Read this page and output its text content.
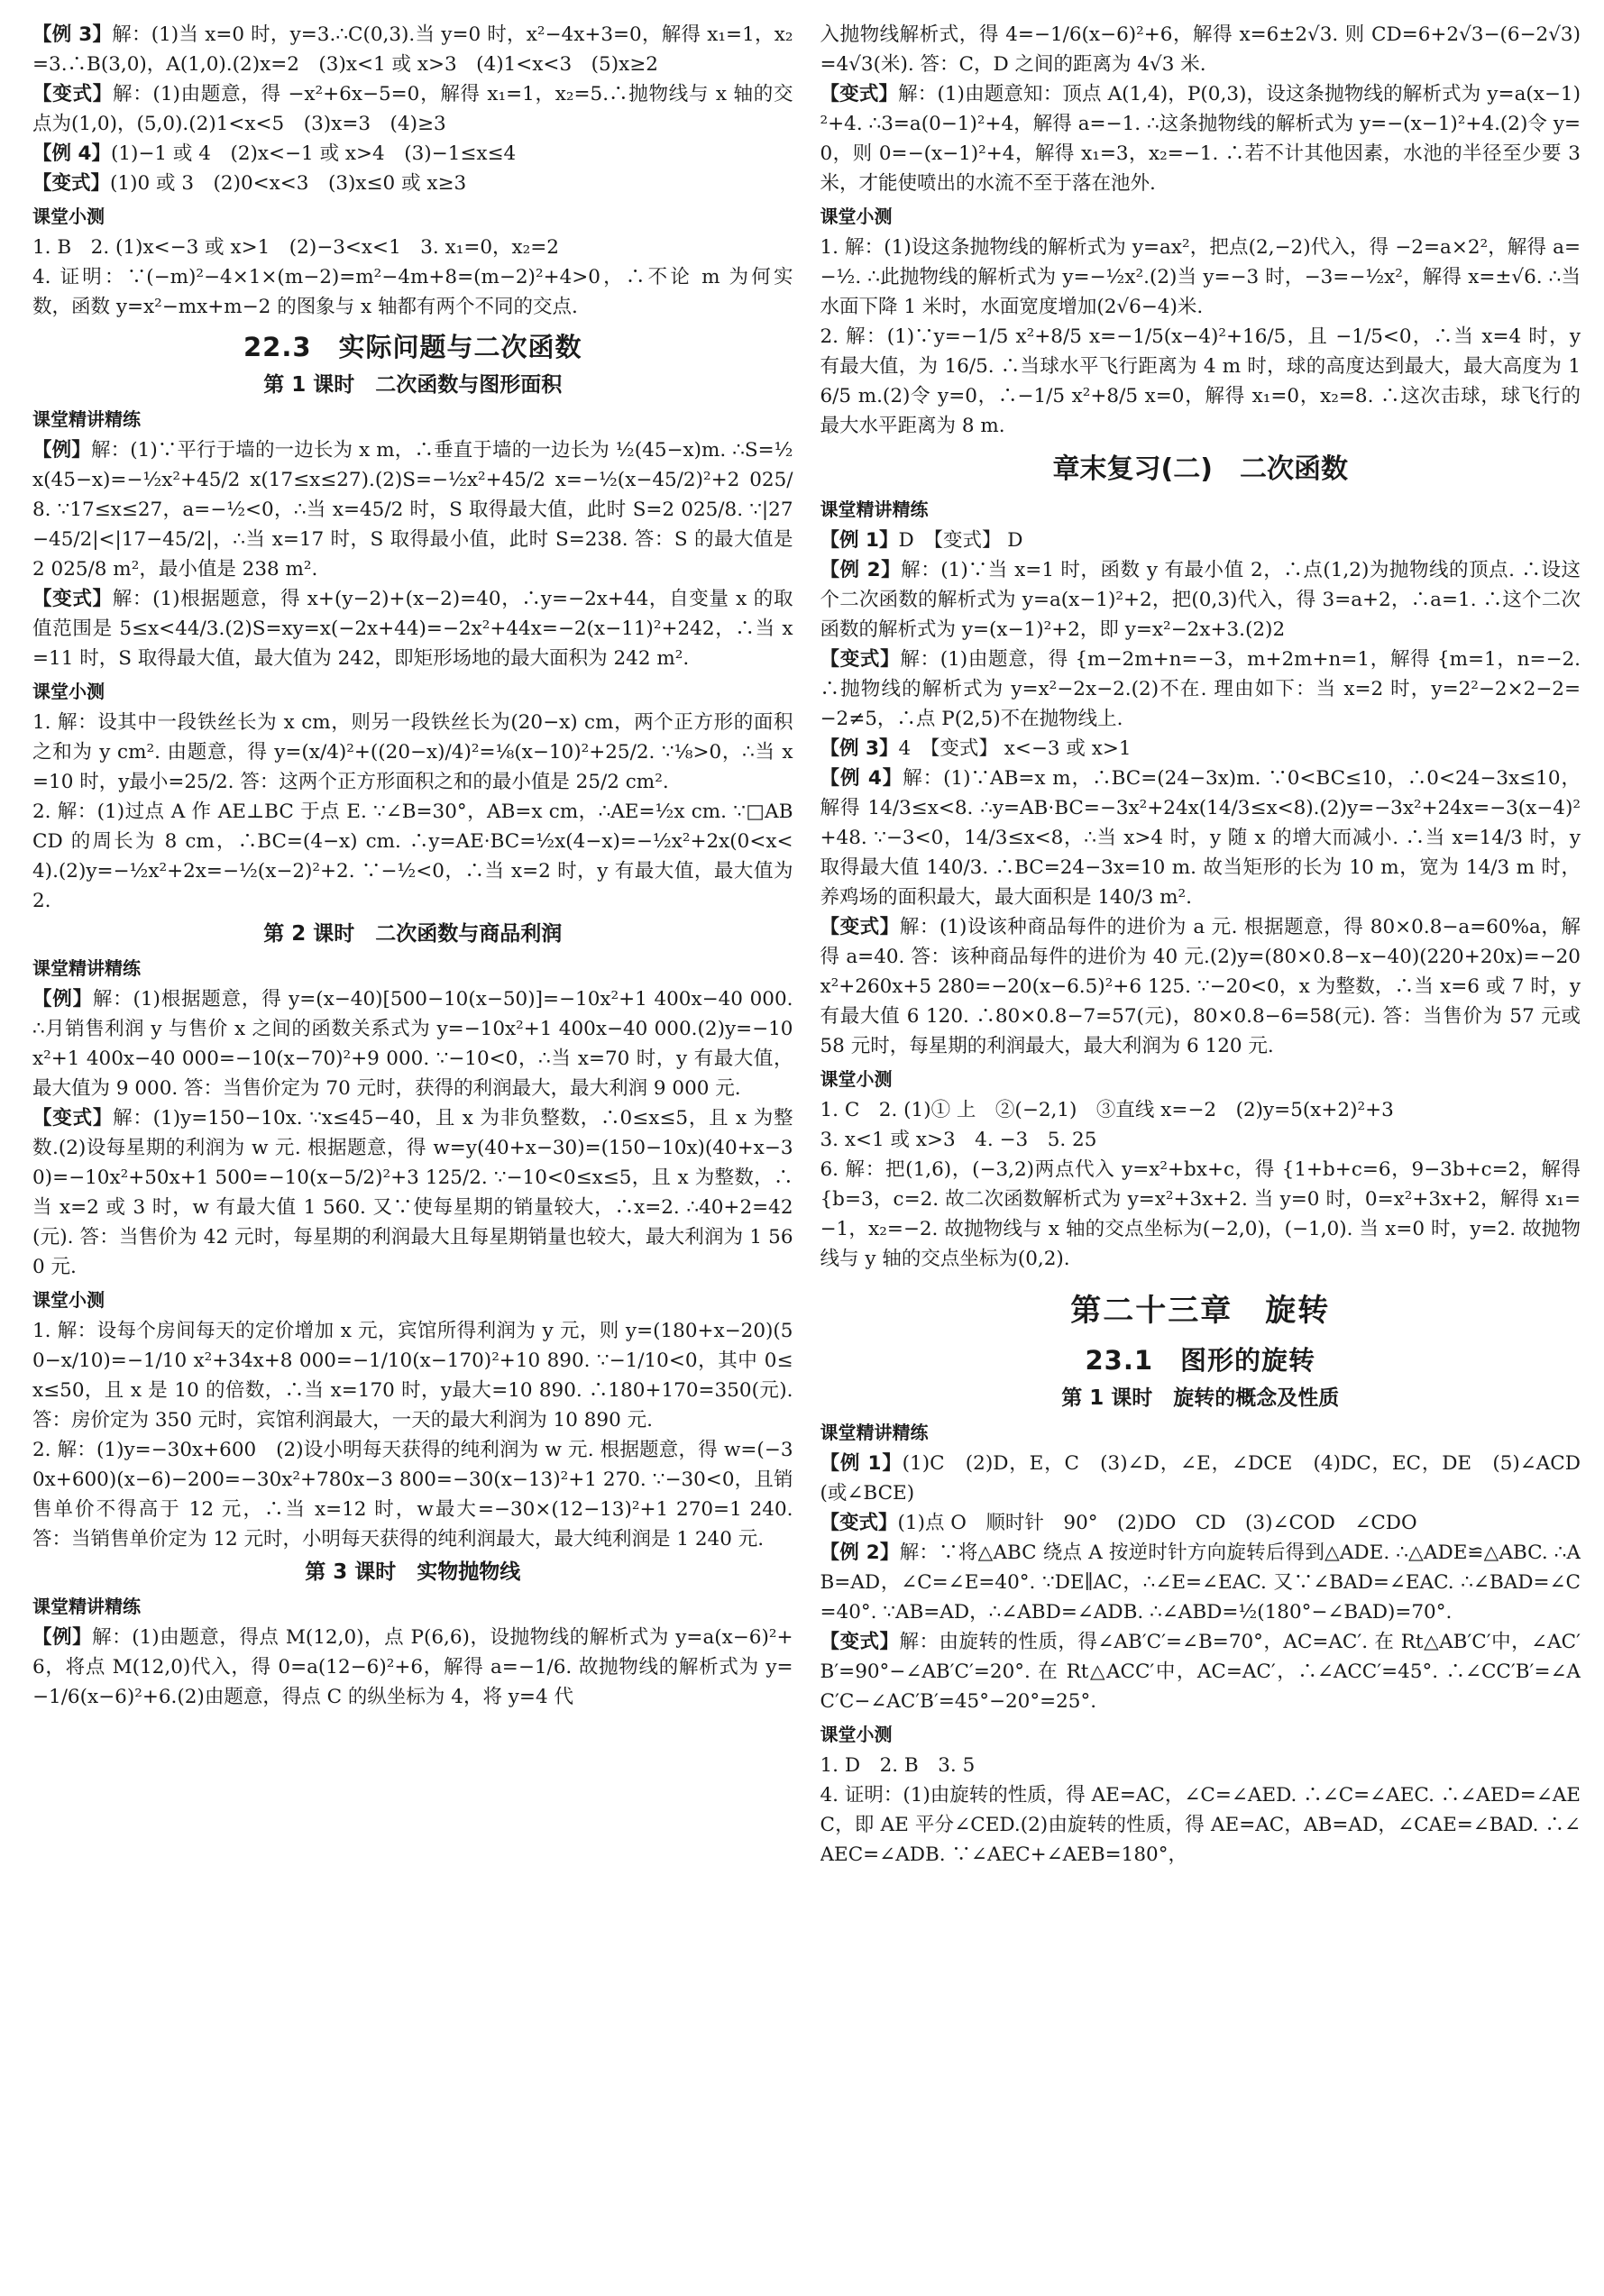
【例 3】解：(1)当 x=0 时，y=3.∴C(0,3).当 y=0 时，x²−4x+3=0，解得 x₁=1，x₂=3.∴B(3,0)，A(1,0).(2)x=2　(3)x<1 或 x>3　(4)1<x<3　(5)x≥2

【变式】解：(1)由题意，得 −x²+6x−5=0，解得 x₁=1，x₂=5.∴抛物线与 x 轴的交点为(1,0)，(5,0).(2)1<x<5　(3)x=3　(4)≥3

【例 4】(1)−1 或 4　(2)x<−1 或 x>4　(3)−1≤x≤4

【变式】(1)0 或 3　(2)0<x<3　(3)x≤0 或 x≥3

课堂小测

1. B　2. (1)x<−3 或 x>1　(2)−3<x<1　3. x₁=0，x₂=2

4. 证明：∵(−m)²−4×1×(m−2)=m²−4m+8=(m−2)²+4>0，∴不论 m 为何实数，函数 y=x²−mx+m−2 的图象与 x 轴都有两个不同的交点.

22.3　实际问题与二次函数
第 1 课时　二次函数与图形面积
课堂精讲精练

【例】解：(1)∵平行于墙的一边长为 x m，∴垂直于墙的一边长为 ½(45−x)m. ∴S=½x(45−x)=−½x²+45/2 x(17≤x≤27).(2)S=−½x²+45/2 x=−½(x−45/2)²+2 025/8. ∵17≤x≤27，a=−½<0，∴当 x=45/2 时，S 取得最大值，此时 S=2 025/8. ∵|27−45/2|<|17−45/2|，∴当 x=17 时，S 取得最小值，此时 S=238. 答：S 的最大值是 2 025/8 m²，最小值是 238 m².

【变式】解：(1)根据题意，得 x+(y−2)+(x−2)=40，∴y=−2x+44，自变量 x 的取值范围是 5≤x<44/3.(2)S=xy=x(−2x+44)=−2x²+44x=−2(x−11)²+242，∴当 x=11 时，S 取得最大值，最大值为 242，即矩形场地的最大面积为 242 m².

课堂小测

1. 解：设其中一段铁丝长为 x cm，则另一段铁丝长为(20−x) cm，两个正方形的面积之和为 y cm². 由题意，得 y=(x/4)²+((20−x)/4)²=⅛(x−10)²+25/2. ∵⅛>0，∴当 x=10 时，y最小=25/2. 答：这两个正方形面积之和的最小值是 25/2 cm².

2. 解：(1)过点 A 作 AE⊥BC 于点 E. ∵∠B=30°，AB=x cm，∴AE=½x cm. ∵□ABCD 的周长为 8 cm，∴BC=(4−x) cm. ∴y=AE·BC=½x(4−x)=−½x²+2x(0<x<4).(2)y=−½x²+2x=−½(x−2)²+2. ∵−½<0，∴当 x=2 时，y 有最大值，最大值为 2.

第 2 课时　二次函数与商品利润
课堂精讲精练

【例】解：(1)根据题意，得 y=(x−40)[500−10(x−50)]=−10x²+1 400x−40 000. ∴月销售利润 y 与售价 x 之间的函数关系式为 y=−10x²+1 400x−40 000.(2)y=−10x²+1 400x−40 000=−10(x−70)²+9 000. ∵−10<0，∴当 x=70 时，y 有最大值，最大值为 9 000. 答：当售价定为 70 元时，获得的利润最大，最大利润 9 000 元.

【变式】解：(1)y=150−10x. ∵x≤45−40，且 x 为非负整数，∴0≤x≤5，且 x 为整数.(2)设每星期的利润为 w 元. 根据题意，得 w=y(40+x−30)=(150−10x)(40+x−30)=−10x²+50x+1 500=−10(x−5/2)²+3 125/2. ∵−10<0≤x≤5，且 x 为整数，∴当 x=2 或 3 时，w 有最大值 1 560. 又∵使每星期的销量较大，∴x=2. ∴40+2=42(元). 答：当售价为 42 元时，每星期的利润最大且每星期销量也较大，最大利润为 1 560 元.

课堂小测

1. 解：设每个房间每天的定价增加 x 元，宾馆所得利润为 y 元，则 y=(180+x−20)(50−x/10)=−1/10 x²+34x+8 000=−1/10(x−170)²+10 890. ∵−1/10<0，其中 0≤x≤50，且 x 是 10 的倍数，∴当 x=170 时，y最大=10 890. ∴180+170=350(元). 答：房价定为 350 元时，宾馆利润最大，一天的最大利润为 10 890 元.

2. 解：(1)y=−30x+600　(2)设小明每天获得的纯利润为 w 元. 根据题意，得 w=(−30x+600)(x−6)−200=−30x²+780x−3 800=−30(x−13)²+1 270. ∵−30<0，且销售单价不得高于 12 元，∴当 x=12 时，w最大=−30×(12−13)²+1 270=1 240. 答：当销售单价定为 12 元时，小明每天获得的纯利润最大，最大纯利润是 1 240 元.

第 3 课时　实物抛物线
课堂精讲精练

【例】解：(1)由题意，得点 M(12,0)，点 P(6,6)，设抛物线的解析式为 y=a(x−6)²+6，将点 M(12,0)代入，得 0=a(12−6)²+6，解得 a=−1/6. 故抛物线的解析式为 y=−1/6(x−6)²+6.(2)由题意，得点 C 的纵坐标为 4，将 y=4 代

入抛物线解析式，得 4=−1/6(x−6)²+6，解得 x=6±2√3. 则 CD=6+2√3−(6−2√3)=4√3(米). 答：C，D 之间的距离为 4√3 米.

【变式】解：(1)由题意知：顶点 A(1,4)，P(0,3)，设这条抛物线的解析式为 y=a(x−1)²+4. ∴3=a(0−1)²+4，解得 a=−1. ∴这条抛物线的解析式为 y=−(x−1)²+4.(2)令 y=0，则 0=−(x−1)²+4，解得 x₁=3，x₂=−1. ∴若不计其他因素，水池的半径至少要 3 米，才能使喷出的水流不至于落在池外.

课堂小测

1. 解：(1)设这条抛物线的解析式为 y=ax²，把点(2,−2)代入，得 −2=a×2²，解得 a=−½. ∴此抛物线的解析式为 y=−½x².(2)当 y=−3 时，−3=−½x²，解得 x=±√6. ∴当水面下降 1 米时，水面宽度增加(2√6−4)米.

2. 解：(1)∵y=−1/5 x²+8/5 x=−1/5(x−4)²+16/5，且 −1/5<0，∴当 x=4 时，y 有最大值，为 16/5. ∴当球水平飞行距离为 4 m 时，球的高度达到最大，最大高度为 16/5 m.(2)令 y=0，∴−1/5 x²+8/5 x=0，解得 x₁=0，x₂=8. ∴这次击球，球飞行的最大水平距离为 8 m.

章末复习(二)　二次函数
课堂精讲精练

【例 1】D　【变式】 D

【例 2】解：(1)∵当 x=1 时，函数 y 有最小值 2，∴点(1,2)为抛物线的顶点. ∴设这个二次函数的解析式为 y=a(x−1)²+2，把(0,3)代入，得 3=a+2，∴a=1. ∴这个二次函数的解析式为 y=(x−1)²+2，即 y=x²−2x+3.(2)2

【变式】解：(1)由题意，得 {m−2m+n=−3，m+2m+n=1，解得 {m=1，n=−2. ∴抛物线的解析式为 y=x²−2x−2.(2)不在. 理由如下：当 x=2 时，y=2²−2×2−2=−2≠5，∴点 P(2,5)不在抛物线上.

【例 3】4　【变式】 x<−3 或 x>1

【例 4】解：(1)∵AB=x m，∴BC=(24−3x)m. ∵0<BC≤10，∴0<24−3x≤10，解得 14/3≤x<8. ∴y=AB·BC=−3x²+24x(14/3≤x<8).(2)y=−3x²+24x=−3(x−4)²+48. ∵−3<0，14/3≤x<8，∴当 x>4 时，y 随 x 的增大而减小. ∴当 x=14/3 时，y 取得最大值 140/3. ∴BC=24−3x=10 m. 故当矩形的长为 10 m，宽为 14/3 m 时，养鸡场的面积最大，最大面积是 140/3 m².

【变式】解：(1)设该种商品每件的进价为 a 元. 根据题意，得 80×0.8−a=60%a，解得 a=40. 答：该种商品每件的进价为 40 元.(2)y=(80×0.8−x−40)(220+20x)=−20x²+260x+5 280=−20(x−6.5)²+6 125. ∵−20<0，x 为整数，∴当 x=6 或 7 时，y 有最大值 6 120. ∴80×0.8−7=57(元)，80×0.8−6=58(元). 答：当售价为 57 元或 58 元时，每星期的利润最大，最大利润为 6 120 元.

课堂小测

1. C　2. (1)① 上　②(−2,1)　③直线 x=−2　(2)y=5(x+2)²+3

3. x<1 或 x>3　4. −3　5. 25

6. 解：把(1,6)，(−3,2)两点代入 y=x²+bx+c，得 {1+b+c=6，9−3b+c=2，解得 {b=3，c=2. 故二次函数解析式为 y=x²+3x+2. 当 y=0 时，0=x²+3x+2，解得 x₁=−1，x₂=−2. 故抛物线与 x 轴的交点坐标为(−2,0)，(−1,0). 当 x=0 时，y=2. 故抛物线与 y 轴的交点坐标为(0,2).

第二十三章　旋转
23.1　图形的旋转
第 1 课时　旋转的概念及性质
课堂精讲精练

【例 1】(1)C　(2)D，E，C　(3)∠D，∠E，∠DCE　(4)DC，EC，DE　(5)∠ACD(或∠BCE)

【变式】(1)点 O　顺时针　90°　(2)DO　CD　(3)∠COD　∠CDO

【例 2】解：∵将△ABC 绕点 A 按逆时针方向旋转后得到△ADE. ∴△ADE≌△ABC. ∴AB=AD，∠C=∠E=40°. ∵DE∥AC，∴∠E=∠EAC. 又∵∠BAD=∠EAC. ∴∠BAD=∠C=40°. ∵AB=AD，∴∠ABD=∠ADB. ∴∠ABD=½(180°−∠BAD)=70°.

【变式】解：由旋转的性质，得∠AB′C′=∠B=70°，AC=AC′. 在 Rt△AB′C′中，∠AC′B′=90°−∠AB′C′=20°. 在 Rt△ACC′中，AC=AC′，∴∠ACC′=45°. ∴∠CC′B′=∠AC′C−∠AC′B′=45°−20°=25°.

课堂小测

1. D　2. B　3. 5

4. 证明：(1)由旋转的性质，得 AE=AC，∠C=∠AED. ∴∠C=∠AEC. ∴∠AED=∠AEC，即 AE 平分∠CED.(2)由旋转的性质，得 AE=AC，AB=AD，∠CAE=∠BAD. ∴∠AEC=∠ADB. ∵∠AEC+∠AEB=180°，
